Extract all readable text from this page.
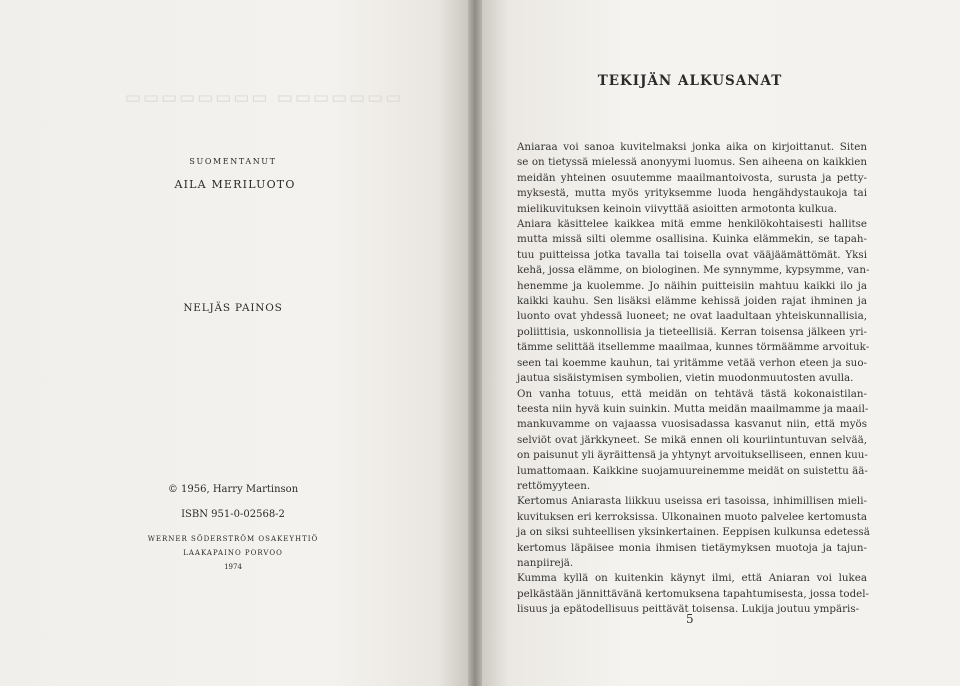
▭▭▭▭▭▭▭▭ ▭▭▭▭▭▭▭
SUOMENTANUT
AILA MERILUOTO
NELJÄS PAINOS
© 1956, Harry Martinson
ISBN 951-0-02568-2
WERNER SÖDERSTRÖM OSAKEYHTIÖ
LAAKAPAINO PORVOO
1974
TEKIJÄN ALKUSANAT
Aniaraa voi sanoa kuvitelmaksi jonka aika on kirjoittanut. Siten
se on tietyssä mielessä anonyymi luomus. Sen aiheena on kaikkien
meidän yhteinen osuutemme maailmantoivosta, surusta ja petty-
myksestä, mutta myös yrityksemme luoda hengähdystaukoja tai
mielikuvituksen keinoin viivyttää asioitten armotonta kulkua.
Aniara käsittelee kaikkea mitä emme henkilökohtaisesti hallitse
mutta missä silti olemme osallisina. Kuinka elämmekin, se tapah-
tuu puitteissa jotka tavalla tai toisella ovat vääjäämättömät. Yksi
kehä, jossa elämme, on biologinen. Me synnymme, kypsymme, van-
henemme ja kuolemme. Jo näihin puitteisiin mahtuu kaikki ilo ja
kaikki kauhu. Sen lisäksi elämme kehissä joiden rajat ihminen ja
luonto ovat yhdessä luoneet; ne ovat laadultaan yhteiskunnallisia,
poliittisia, uskonnollisia ja tieteellisiä. Kerran toisensa jälkeen yri-
tämme selittää itsellemme maailmaa, kunnes törmäämme arvoituk-
seen tai koemme kauhun, tai yritämme vetää verhon eteen ja suo-
jautua sisäistymisen symbolien, vietin muodonmuutosten avulla.
On vanha totuus, että meidän on tehtävä tästä kokonaistilan-
teesta niin hyvä kuin suinkin. Mutta meidän maailmamme ja maail-
mankuvamme on vajaassa vuosisadassa kasvanut niin, että myös
selviöt ovat järkkyneet. Se mikä ennen oli kouriintuntuvan selvää,
on paisunut yli äyräittensä ja yhtynyt arvoitukselliseen, ennen kuu-
lumattomaan. Kaikkine suojamuureinemme meidät on suistettu ää-
rettömyyteen.
Kertomus Aniarasta liikkuu useissa eri tasoissa, inhimillisen mieli-
kuvituksen eri kerroksissa. Ulkonainen muoto palvelee kertomusta
ja on siksi suhteellisen yksinkertainen. Eeppisen kulkunsa edetessä
kertomus läpäisee monia ihmisen tietäymyksen muotoja ja tajun-
nanpiirejä.
Kumma kyllä on kuitenkin käynyt ilmi, että Aniaran voi lukea
pelkästään jännittävänä kertomuksena tapahtumisesta, jossa todel-
lisuus ja epätodellisuus peittävät toisensa. Lukija joutuu ympäris-
5
